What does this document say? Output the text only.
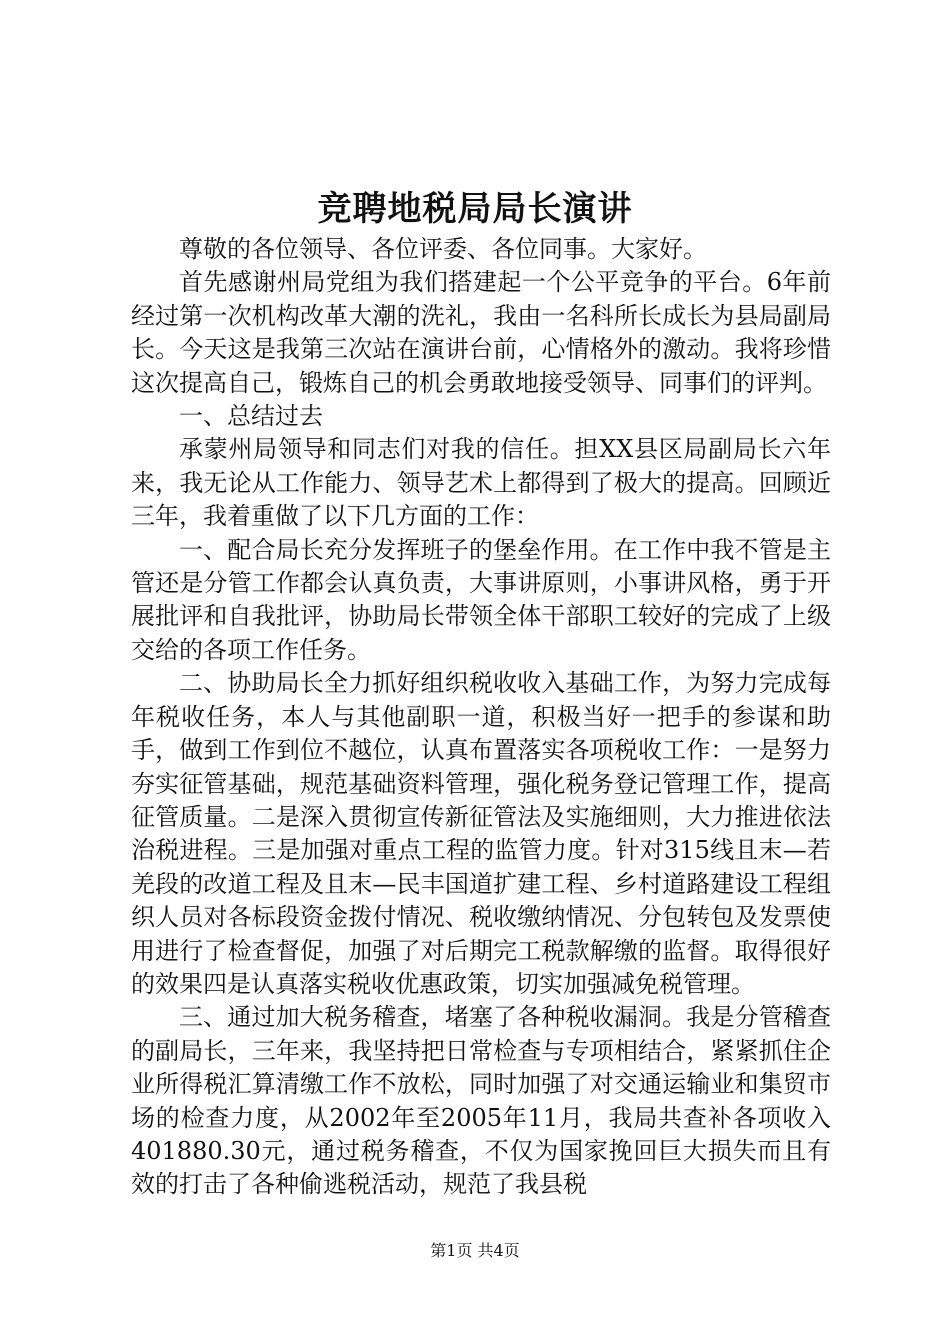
竞聘地税局局长演讲

尊敬的各位领导、各位评委、各位同事。大家好。

首先感谢州局党组为我们搭建起一个公平竞争的平台。6年前经过第一次机构改革大潮的洗礼，我由一名科所长成长为县局副局长。今天这是我第三次站在演讲台前，心情格外的激动。我将珍惜这次提高自己，锻炼自己的机会勇敢地接受领导、同事们的评判。

一、总结过去

承蒙州局领导和同志们对我的信任。担XX县区局副局长六年来，我无论从工作能力、领导艺术上都得到了极大的提高。回顾近三年，我着重做了以下几方面的工作：

一、配合局长充分发挥班子的堡垒作用。在工作中我不管是主管还是分管工作都会认真负责，大事讲原则，小事讲风格，勇于开展批评和自我批评，协助局长带领全体干部职工较好的完成了上级交给的各项工作任务。

二、协助局长全力抓好组织税收收入基础工作，为努力完成每年税收任务，本人与其他副职一道，积极当好一把手的参谋和助手，做到工作到位不越位，认真布置落实各项税收工作：一是努力夯实征管基础，规范基础资料管理，强化税务登记管理工作，提高征管质量。二是深入贯彻宣传新征管法及实施细则，大力推进依法治税进程。三是加强对重点工程的监管力度。针对315线且末—若羌段的改道工程及且末—民丰国道扩建工程、乡村道路建设工程组织人员对各标段资金拨付情况、税收缴纳情况、分包转包及发票使用进行了检查督促，加强了对后期完工税款解缴的监督。取得很好的效果四是认真落实税收优惠政策，切实加强减免税管理。

三、通过加大税务稽查，堵塞了各种税收漏洞。我是分管稽查的副局长，三年来，我坚持把日常检查与专项相结合，紧紧抓住企业所得税汇算清缴工作不放松，同时加强了对交通运输业和集贸市场的检查力度，从2002年至2005年11月，我局共查补各项收入401880.30元，通过税务稽查，不仅为国家挽回巨大损失而且有效的打击了各种偷逃税活动，规范了我县税

第1页 共4页
